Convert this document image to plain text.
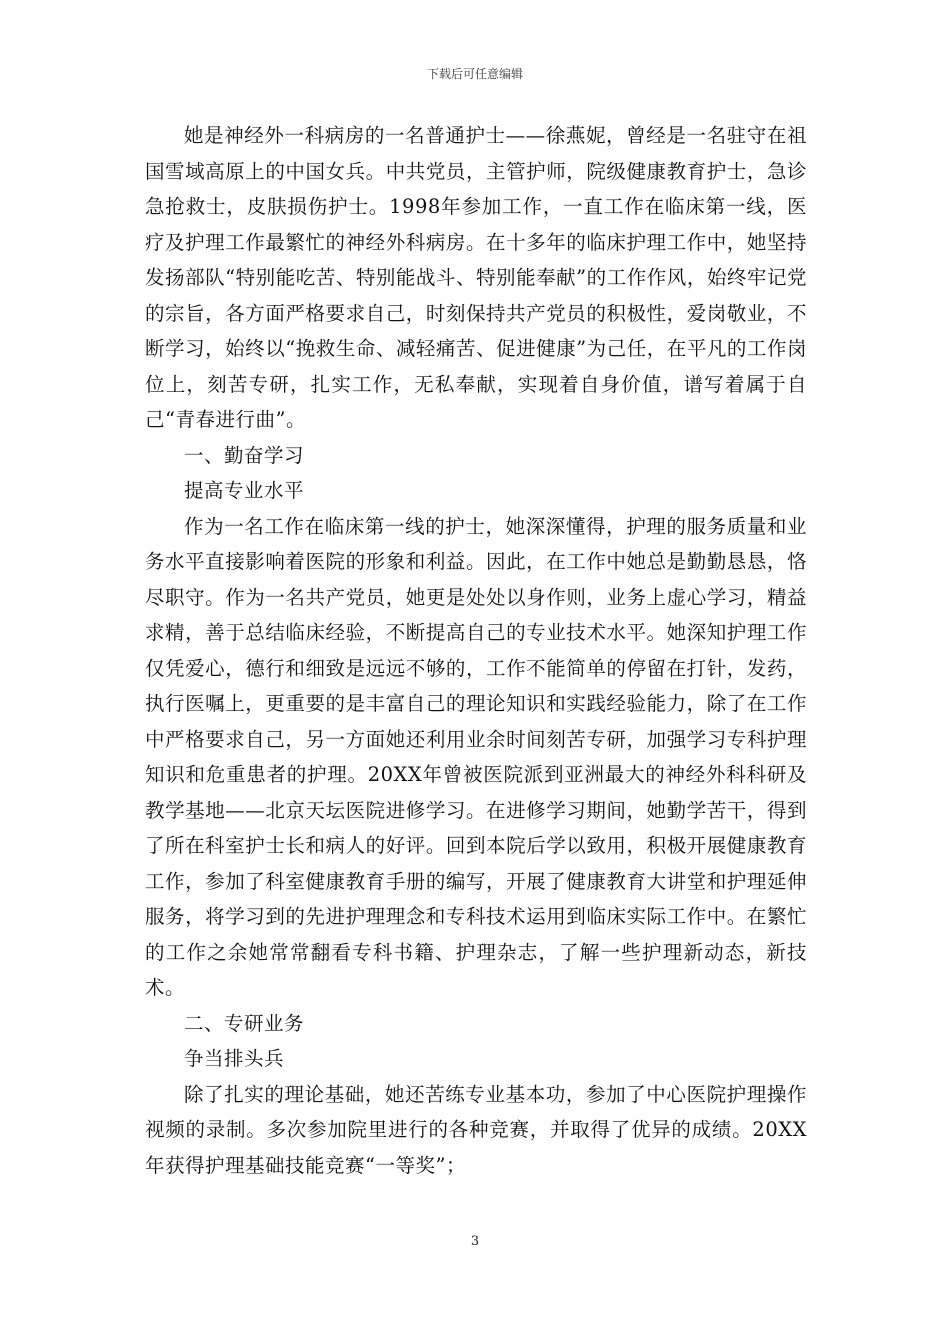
下载后可任意编辑

她是神经外一科病房的一名普通护士——徐燕妮，曾经是一名驻守在祖国雪域高原上的中国女兵。中共党员，主管护师，院级健康教育护士，急诊急抢救士，皮肤损伤护士。1998年参加工作，一直工作在临床第一线，医疗及护理工作最繁忙的神经外科病房。在十多年的临床护理工作中，她坚持发扬部队“特别能吃苦、特别能战斗、特别能奉献”的工作作风，始终牢记党的宗旨，各方面严格要求自己，时刻保持共产党员的积极性，爱岗敬业，不断学习，始终以“挽救生命、减轻痛苦、促进健康”为己任，在平凡的工作岗位上，刻苦专研，扎实工作，无私奉献，实现着自身价值，谱写着属于自己“青春进行曲”。

一、勤奋学习

提高专业水平

作为一名工作在临床第一线的护士，她深深懂得，护理的服务质量和业务水平直接影响着医院的形象和利益。因此，在工作中她总是勤勤恳恳，恪尽职守。作为一名共产党员，她更是处处以身作则，业务上虚心学习，精益求精，善于总结临床经验，不断提高自己的专业技术水平。她深知护理工作仅凭爱心，德行和细致是远远不够的，工作不能简单的停留在打针，发药，执行医嘱上，更重要的是丰富自己的理论知识和实践经验能力，除了在工作中严格要求自己，另一方面她还利用业余时间刻苦专研，加强学习专科护理知识和危重患者的护理。20XX年曾被医院派到亚洲最大的神经外科科研及教学基地——北京天坛医院进修学习。在进修学习期间，她勤学苦干，得到了所在科室护士长和病人的好评。回到本院后学以致用，积极开展健康教育工作，参加了科室健康教育手册的编写，开展了健康教育大讲堂和护理延伸服务，将学习到的先进护理理念和专科技术运用到临床实际工作中。在繁忙的工作之余她常常翻看专科书籍、护理杂志，了解一些护理新动态，新技术。

二、专研业务

争当排头兵

除了扎实的理论基础，她还苦练专业基本功，参加了中心医院护理操作视频的录制。多次参加院里进行的各种竞赛，并取得了优异的成绩。20XX年获得护理基础技能竞赛“一等奖”；

3
